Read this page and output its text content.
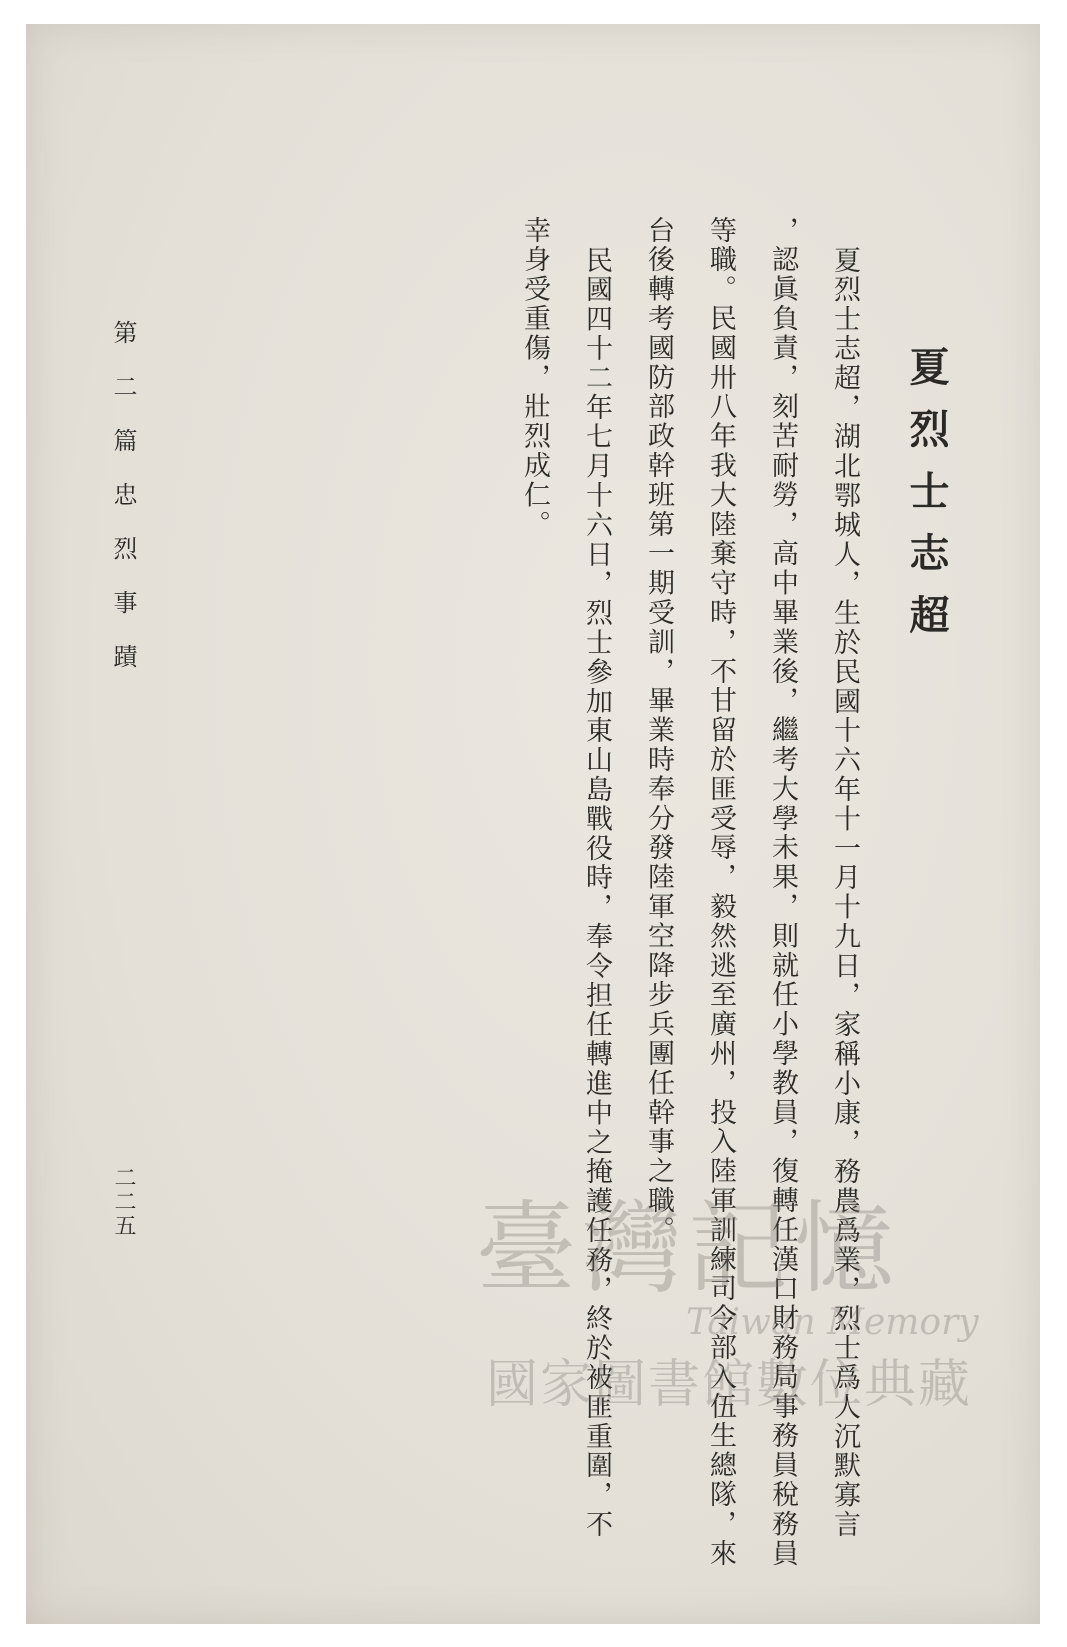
夏烈士志超
夏烈士志超，湖北鄂城人，生於民國十六年十一月十九日，家稱小康，務農爲業，烈士爲人沉默寡言
，認眞負責，刻苦耐勞，高中畢業後，繼考大學未果，則就任小學教員，復轉任漢口財務局事務員稅務員
等職。民國卅八年我大陸棄守時，不甘留於匪受辱，毅然逃至廣州，投入陸軍訓練司令部入伍生總隊，來
台後轉考國防部政幹班第一期受訓，畢業時奉分發陸軍空降步兵團任幹事之職。
民國四十二年七月十六日，烈士參加東山島戰役時，奉令担任轉進中之掩護任務，終於被匪重圍，不
幸身受重傷，壯烈成仁。
第二篇忠烈事蹟
二二五	臺灣記憶
Taiwan Memory
國家圖書館數位典藏
